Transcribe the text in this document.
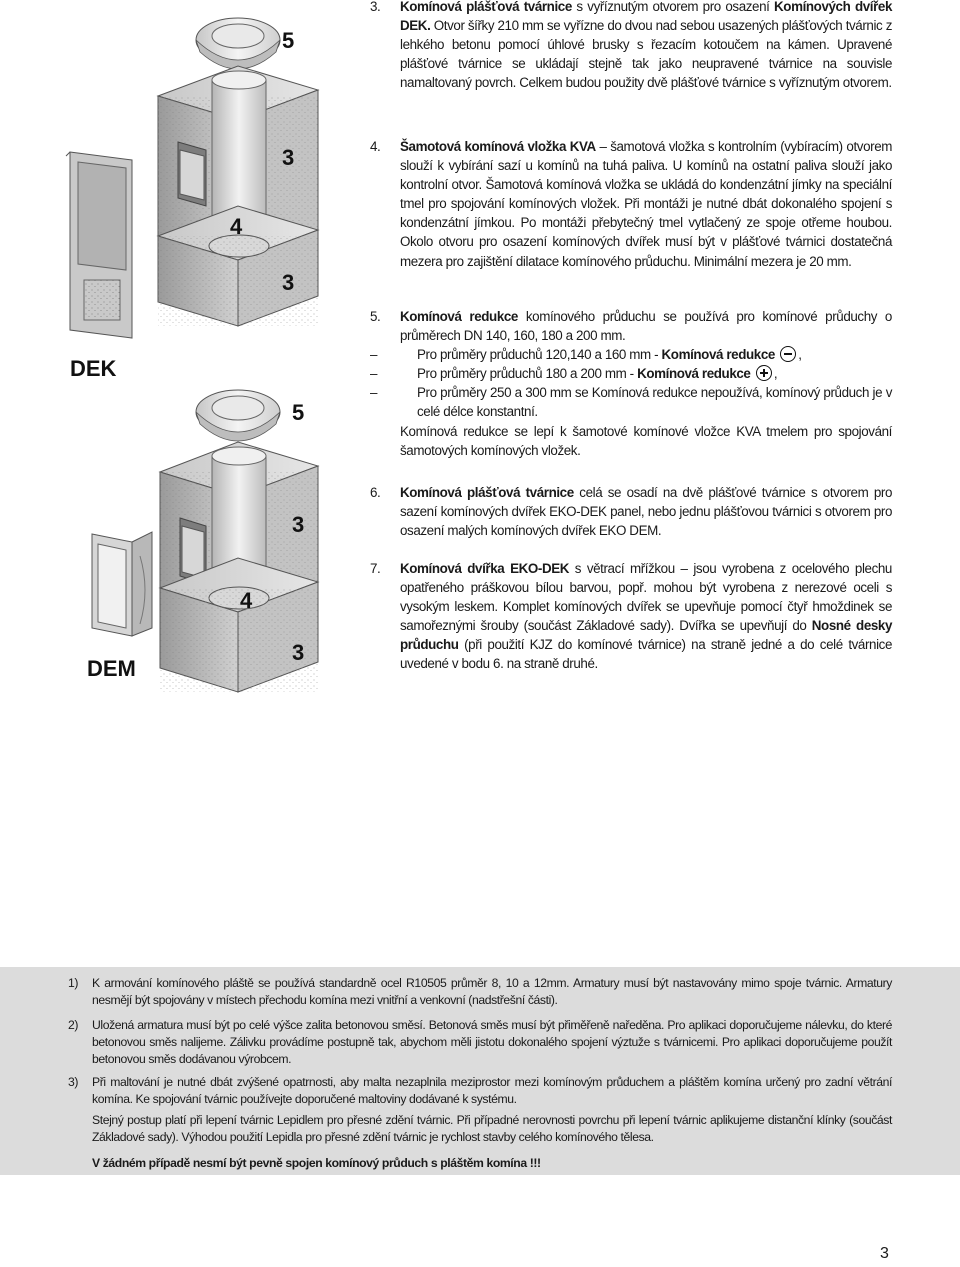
DEK
DEM
5
3
4
3
5
3
4
3
3. Komínová plášťová tvárnice s vyříznutým otvorem pro osazení Komínových dvířek DEK. Otvor šířky 210 mm se vyřízne do dvou nad sebou usazených plášťových tvárnic z lehkého betonu pomocí úhlové brusky s řezacím kotoučem na kámen. Upravené plášťové tvárnice se ukládají stejně tak jako neupravené tvárnice na souvisle namaltovaný povrch. Celkem budou použity dvě plášťové tvárnice s vyříznutým otvorem.
4. Šamotová komínová vložka KVA – šamotová vložka s kontrolním (vybíracím) otvorem slouží k vybírání sazí u komínů na tuhá paliva. U komínů na ostatní paliva slouží jako kontrolní otvor. Šamotová komínová vložka se ukládá do kondenzátní jímky na speciální tmel pro spojování komínových vložek. Při montáži je nutné dbát dokonalého spojení s kondenzátní jímkou. Po montáži přebytečný tmel vytlačený ze spoje otřeme houbou. Okolo otvoru pro osazení komínových dvířek musí být v plášťové tvárnici dostatečná mezera pro zajištění dilatace komínového průduchu. Minimální mezera je 20 mm.
5. Komínová redukce komínového průduchu se používá pro komínové průduchy o průměrech DN 140, 160, 180 a 200 mm.
– Pro průměry průduchů 120,140 a 160 mm - Komínová redukce ,
– Pro průměry průduchů 180 a 200 mm - Komínová redukce ,
– Pro průměry 250 a 300 mm se Komínová redukce nepoužívá, komínový průduch je v celé délce konstantní.
Komínová redukce se lepí k šamotové komínové vložce KVA tmelem pro spojování šamotových komínových vložek.
6. Komínová plášťová tvárnice celá se osadí na dvě plášťové tvárnice s otvorem pro sazení komínových dvířek EKO-DEK panel, nebo jednu plášťovou tvárnici s otvorem pro osazení malých komínových dvířek EKO DEM.
7. Komínová dvířka EKO-DEK s větrací mřížkou – jsou vyrobena z ocelového plechu opatřeného práškovou bílou barvou, popř. mohou být vyrobena z nerezové oceli s vysokým leskem. Komplet komínových dvířek se upevňuje pomocí čtyř hmoždinek se samořeznými šrouby (součást Základové sady). Dvířka se upevňují do Nosné desky průduchu (při použití KJZ do komínové tvárnice) na straně jedné a do celé tvárnice uvedené v bodu 6. na straně druhé.
1) K armování komínového pláště se používá standardně ocel R10505 průměr 8, 10 a 12mm. Armatury musí být nastavovány mimo spoje tvárnic. Armatury nesmějí být spojovány v místech přechodu komína mezi vnitřní a venkovní (nadstřešní části).
2) Uložená armatura musí být po celé výšce zalita betonovou směsí. Betonová směs musí být přiměřeně naředěna. Pro aplikaci doporučujeme nálevku, do které betonovou směs nalijeme. Zálivku provádíme postupně tak, abychom měli jistotu dokonalého spojení výztuže s tvárnicemi. Pro aplikaci doporučujeme použít betonovou směs dodávanou výrobcem.
3) Při maltování je nutné dbát zvýšené opatrnosti, aby malta nezaplnila meziprostor mezi komínovým průduchem a pláštěm komína určený pro zadní větrání komína. Ke spojování tvárnic používejte doporučené maltoviny dodávané k systému.
Stejný postup platí při lepení tvárnic Lepidlem pro přesné zdění tvárnic. Při případné nerovnosti povrchu při lepení tvárnic aplikujeme distanční klínky (součást Základové sady). Výhodou použití Lepidla pro přesné zdění tvárnic je rychlost stavby celého komínového tělesa.
V žádném případě nesmí být pevně spojen komínový průduch s pláštěm komína !!!
3
